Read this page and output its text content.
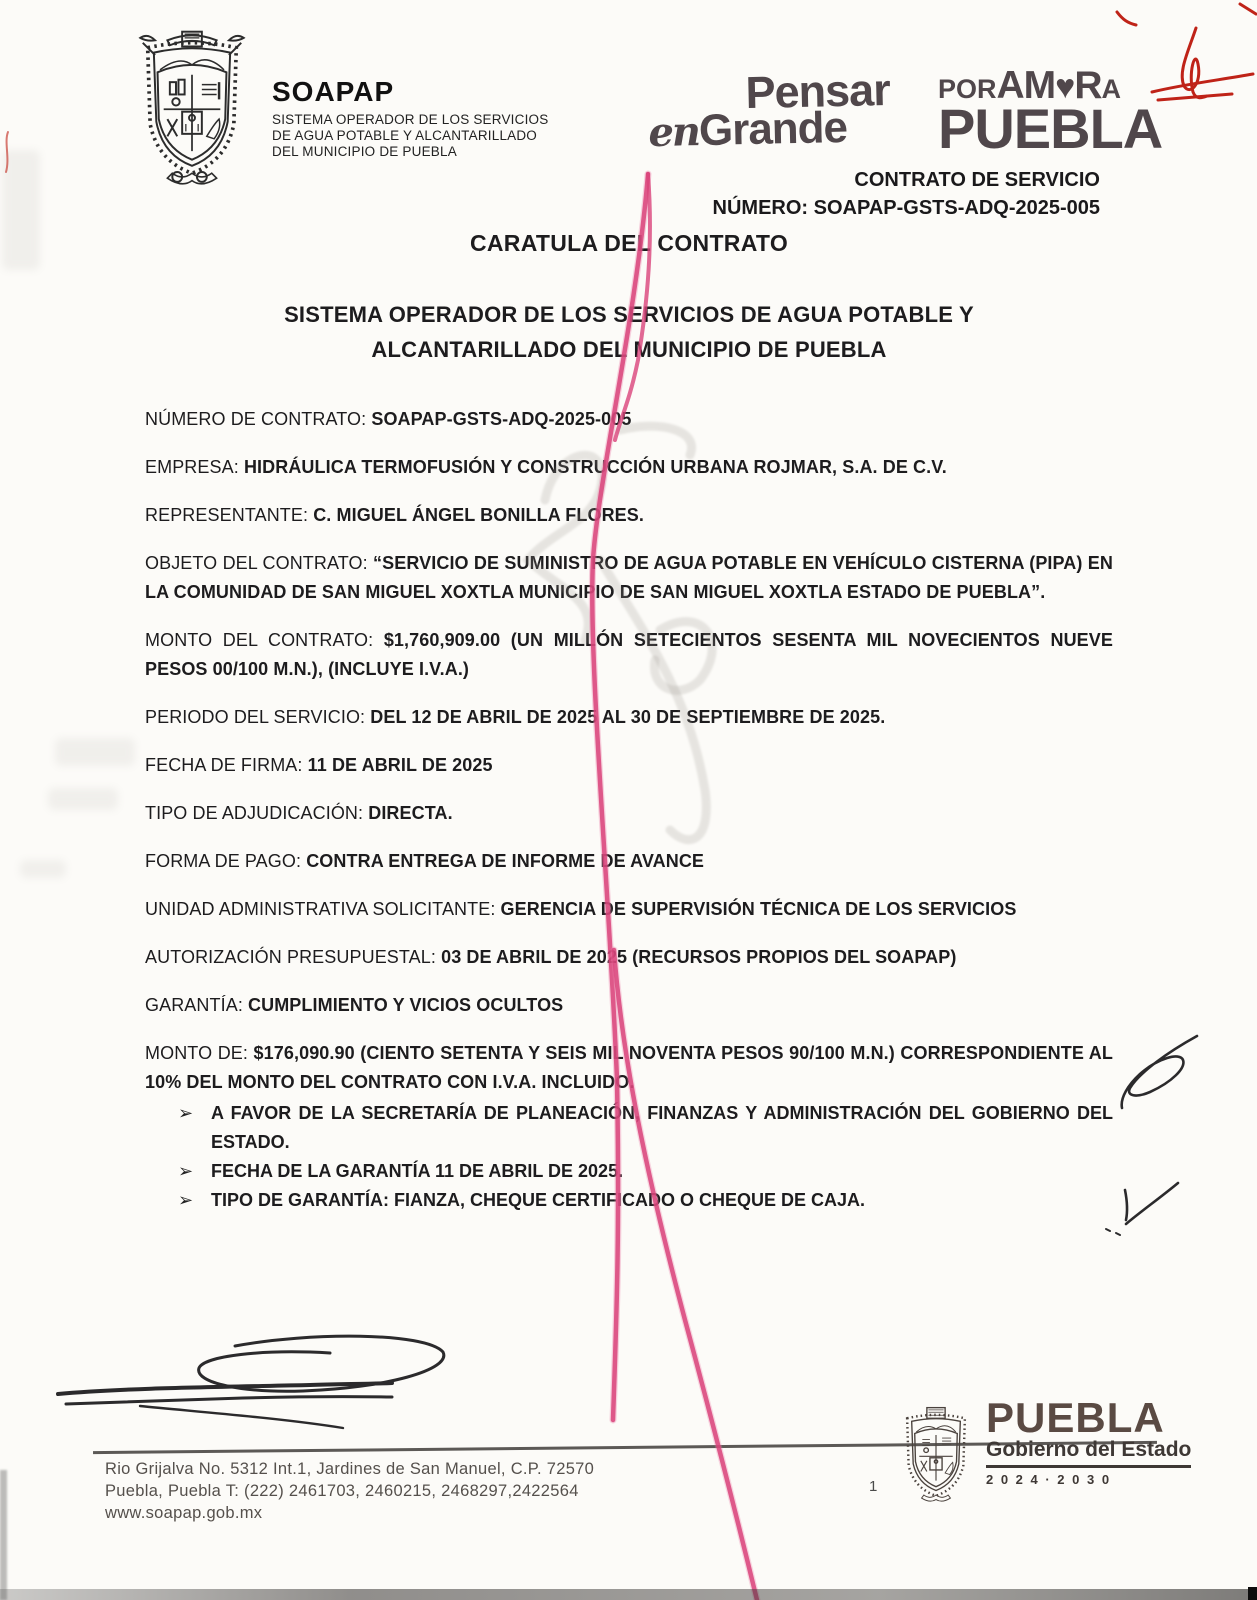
SOAPAP
SISTEMA OPERADOR DE LOS SERVICIOS
DE AGUA POTABLE Y ALCANTARILLADO
DEL MUNICIPIO DE PUEBLA
Pensar
enGrande
PORAM♥RA
PUEBLA
CONTRATO DE SERVICIO
NÚMERO: SOAPAP-GSTS-ADQ-2025-005
CARATULA DEL CONTRATO
SISTEMA OPERADOR DE LOS SERVICIOS DE AGUA POTABLE Y
ALCANTARILLADO DEL MUNICIPIO DE PUEBLA

NÚMERO DE CONTRATO: SOAPAP-GSTS-ADQ-2025-005

EMPRESA: HIDRÁULICA TERMOFUSIÓN Y CONSTRUCCIÓN URBANA ROJMAR, S.A. DE C.V.

REPRESENTANTE: C. MIGUEL ÁNGEL BONILLA FLORES.

OBJETO DEL CONTRATO: “SERVICIO DE SUMINISTRO DE AGUA POTABLE EN VEHÍCULO CISTERNA (PIPA) EN LA COMUNIDAD DE SAN MIGUEL XOXTLA MUNICIPIO DE SAN MIGUEL XOXTLA ESTADO DE PUEBLA”.

MONTO DEL CONTRATO: $1,760,909.00 (UN MILLÓN SETECIENTOS SESENTA MIL NOVECIENTOS NUEVE PESOS 00/100 M.N.), (INCLUYE I.V.A.)

PERIODO DEL SERVICIO: DEL 12 DE ABRIL DE 2025 AL 30 DE SEPTIEMBRE DE 2025.

FECHA DE FIRMA: 11 DE ABRIL DE 2025

TIPO DE ADJUDICACIÓN: DIRECTA.

FORMA DE PAGO: CONTRA ENTREGA DE INFORME DE AVANCE

UNIDAD ADMINISTRATIVA SOLICITANTE: GERENCIA DE SUPERVISIÓN TÉCNICA DE LOS SERVICIOS

AUTORIZACIÓN PRESUPUESTAL: 03 DE ABRIL DE 2025 (RECURSOS PROPIOS DEL SOAPAP)

GARANTÍA: CUMPLIMIENTO Y VICIOS OCULTOS

MONTO DE: $176,090.90 (CIENTO SETENTA Y SEIS MIL NOVENTA PESOS 90/100 M.N.) CORRESPONDIENTE AL 10% DEL MONTO DEL CONTRATO CON I.V.A. INCLUIDO.

➢ A FAVOR DE LA SECRETARÍA DE PLANEACIÓN, FINANZAS Y ADMINISTRACIÓN DEL GOBIERNO DEL ESTADO.

➢ FECHA DE LA GARANTÍA 11 DE ABRIL DE 2025.

➢ TIPO DE GARANTÍA: FIANZA, CHEQUE CERTIFICADO O CHEQUE DE CAJA.

Rio Grijalva No. 5312 Int.1, Jardines de San Manuel, C.P. 72570
Puebla, Puebla T: (222) 2461703, 2460215, 2468297,2422564
www.soapap.gob.mx
1
PUEBLA
Gobierno del Estado
2 0 2 4 · 2 0 3 0
